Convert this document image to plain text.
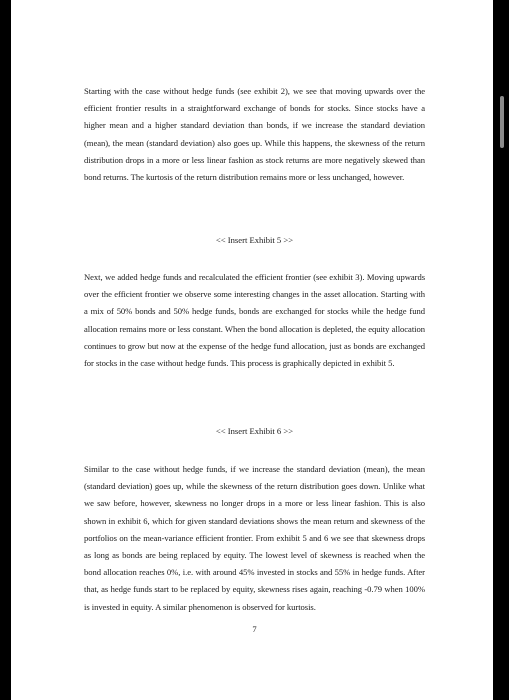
Starting with the case without hedge funds (see exhibit 2), we see that moving upwards over the efficient frontier results in a straightforward exchange of bonds for stocks. Since stocks have a higher mean and a higher standard deviation than bonds, if we increase the standard deviation (mean), the mean (standard deviation) also goes up. While this happens, the skewness of the return distribution drops in a more or less linear fashion as stock returns are more negatively skewed than bond returns. The kurtosis of the return distribution remains more or less unchanged, however.

<< Insert Exhibit 5 >>

Next, we added hedge funds and recalculated the efficient frontier (see exhibit 3). Moving upwards over the efficient frontier we observe some interesting changes in the asset allocation. Starting with a mix of 50% bonds and 50% hedge funds, bonds are exchanged for stocks while the hedge fund allocation remains more or less constant. When the bond allocation is depleted, the equity allocation continues to grow but now at the expense of the hedge fund allocation, just as bonds are exchanged for stocks in the case without hedge funds. This process is graphically depicted in exhibit 5.

<< Insert Exhibit 6 >>

Similar to the case without hedge funds, if we increase the standard deviation (mean), the mean (standard deviation) goes up, while the skewness of the return distribution goes down. Unlike what we saw before, however, skewness no longer drops in a more or less linear fashion. This is also shown in exhibit 6, which for given standard deviations shows the mean return and skewness of the portfolios on the mean-variance efficient frontier. From exhibit 5 and 6 we see that skewness drops as long as bonds are being replaced by equity. The lowest level of skewness is reached when the bond allocation reaches 0%, i.e. with around 45% invested in stocks and 55% in hedge funds. After that, as hedge funds start to be replaced by equity, skewness rises again, reaching -0.79 when 100% is invested in equity. A similar phenomenon is observed for kurtosis.

7
